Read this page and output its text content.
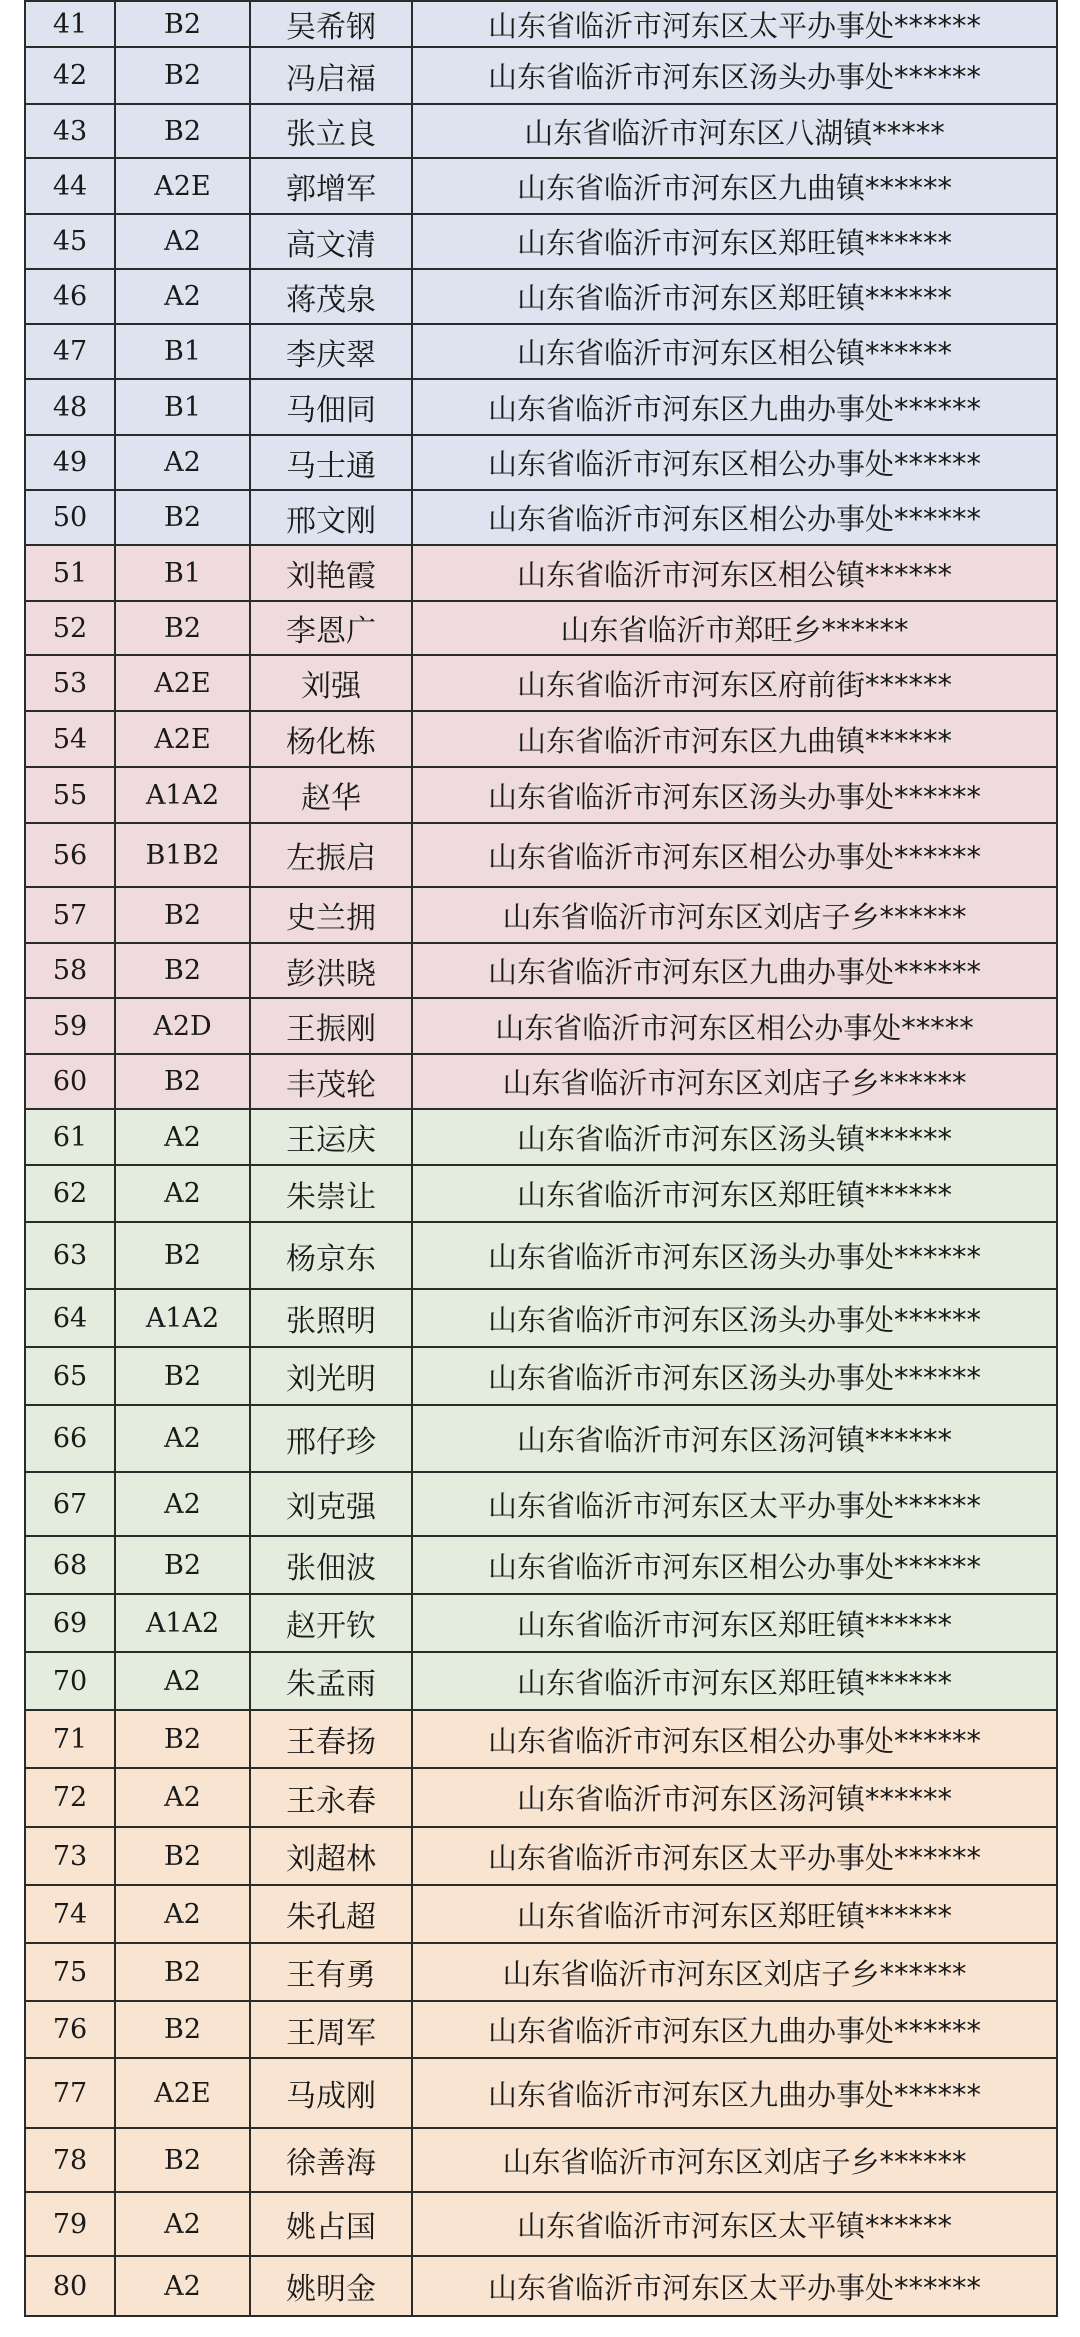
41	B2	吴希钢	山东省临沂市河东区太平办事处******
42	B2	冯启福	山东省临沂市河东区汤头办事处******
43	B2	张立良	山东省临沂市河东区八湖镇*****
44	A2E	郭增军	山东省临沂市河东区九曲镇******
45	A2	高文清	山东省临沂市河东区郑旺镇******
46	A2	蒋茂泉	山东省临沂市河东区郑旺镇******
47	B1	李庆翠	山东省临沂市河东区相公镇******
48	B1	马佃同	山东省临沂市河东区九曲办事处******
49	A2	马士通	山东省临沂市河东区相公办事处******
50	B2	邢文刚	山东省临沂市河东区相公办事处******
51	B1	刘艳霞	山东省临沂市河东区相公镇******
52	B2	李恩广	山东省临沂市郑旺乡******
53	A2E	刘强	山东省临沂市河东区府前街******
54	A2E	杨化栋	山东省临沂市河东区九曲镇******
55	A1A2	赵华	山东省临沂市河东区汤头办事处******
56	B1B2	左振启	山东省临沂市河东区相公办事处******
57	B2	史兰拥	山东省临沂市河东区刘店子乡******
58	B2	彭洪晓	山东省临沂市河东区九曲办事处******
59	A2D	王振刚	山东省临沂市河东区相公办事处*****
60	B2	丰茂轮	山东省临沂市河东区刘店子乡******
61	A2	王运庆	山东省临沂市河东区汤头镇******
62	A2	朱崇让	山东省临沂市河东区郑旺镇******
63	B2	杨京东	山东省临沂市河东区汤头办事处******
64	A1A2	张照明	山东省临沂市河东区汤头办事处******
65	B2	刘光明	山东省临沂市河东区汤头办事处******
66	A2	邢仔珍	山东省临沂市河东区汤河镇******
67	A2	刘克强	山东省临沂市河东区太平办事处******
68	B2	张佃波	山东省临沂市河东区相公办事处******
69	A1A2	赵开钦	山东省临沂市河东区郑旺镇******
70	A2	朱孟雨	山东省临沂市河东区郑旺镇******
71	B2	王春扬	山东省临沂市河东区相公办事处******
72	A2	王永春	山东省临沂市河东区汤河镇******
73	B2	刘超林	山东省临沂市河东区太平办事处******
74	A2	朱孔超	山东省临沂市河东区郑旺镇******
75	B2	王有勇	山东省临沂市河东区刘店子乡******
76	B2	王周军	山东省临沂市河东区九曲办事处******
77	A2E	马成刚	山东省临沂市河东区九曲办事处******
78	B2	徐善海	山东省临沂市河东区刘店子乡******
79	A2	姚占国	山东省临沂市河东区太平镇******
80	A2	姚明金	山东省临沂市河东区太平办事处******
